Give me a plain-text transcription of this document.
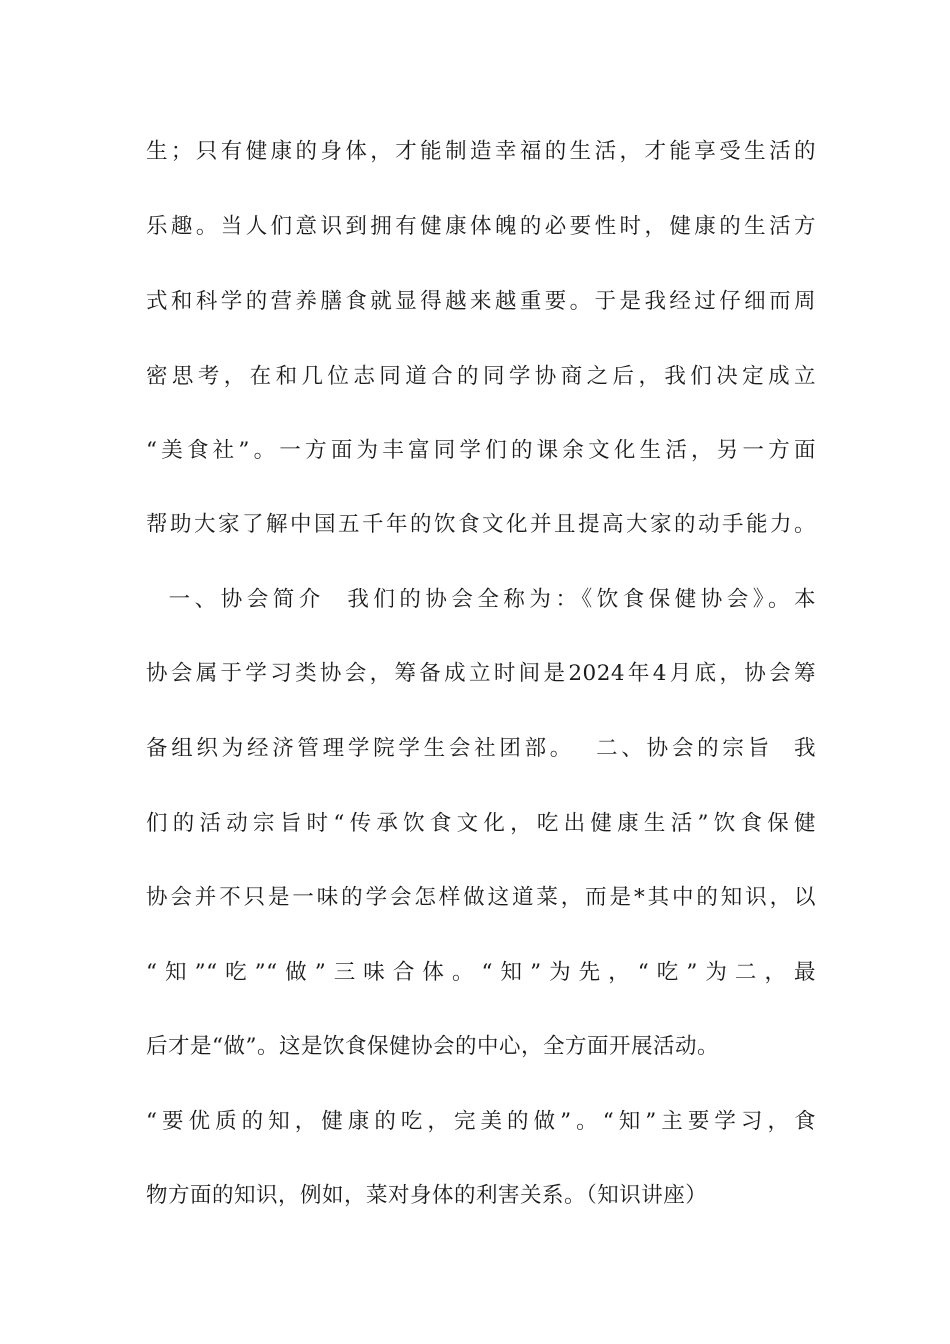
生；只有健康的身体，才能制造幸福的生活，才能享受生活的
乐趣。当人们意识到拥有健康体魄的必要性时，健康的生活方
式和科学的营养膳食就显得越来越重要。于是我经过仔细而周
密思考，在和几位志同道合的同学协商之后，我们决定成立
“美食社”。一方面为丰富同学们的课余文化生活，另一方面
帮助大家了解中国五千年的饮食文化并且提高大家的动手能力。
一、协会简介  我们的协会全称为：《饮食保健协会》。本
协会属于学习类协会，筹备成立时间是2024年4月底，协会筹
备组织为经济管理学院学生会社团部。  二、协会的宗旨  我
们的活动宗旨时“传承饮食文化，吃出健康生活”饮食保健
协会并不只是一味的学会怎样做这道菜，而是*其中的知识，以
“知”“吃”“做”三味合体。“知”为先，“吃”为二，最
后才是“做”。这是饮食保健协会的中心，全方面开展活动。
“要优质的知，健康的吃，完美的做”。“知”主要学习，食
物方面的知识，例如，菜对身体的利害关系。（知识讲座）
